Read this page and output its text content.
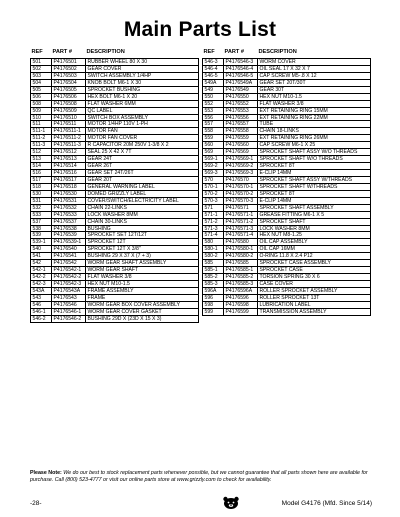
Main Parts List
REF	PART #	DESCRIPTION
501	P4176501	RUBBER WHEEL 80 X 30
502	P4176502	GEAR COVER
503	P4176503	SWITCH ASSEMBLY 1/4HP
504	P4176504	KNOB BOLT M6-1 X 30
505	P4176505	SPROCKET BUSHING
506	P4176506	HEX BOLT M6-1 X 20
508	P4176508	FLAT WASHER 6MM
509	P4176509	QC LABEL
510	P4176510	SWITCH BOX ASSEMBLY
511	P4176511	MOTOR 1/4HP 110V 1-PH
511-1	P4176511-1	MOTOR FAN
511-2	P4176511-2	MOTOR FAN COVER
511-3	P4176511-3	R CAPACITOR 20M 250V 1-3/8 X 2
512	P4176512	SEAL 25 X 42 X 7T
513	P4176513	GEAR 24T
514	P4176514	GEAR 26T
516	P4176516	GEAR SET 24T/26T
517	P4176517	GEAR 20T
518	P4176518	GENERAL WARNING LABEL
530	P4176530	DOMED GRIZZLY LABEL
531	P4176531	COVER/SWITCH/ELECTRICITY LABEL
532	P4176532	CHAIN 22-LINKS
533	P4176533	LOCK WASHER 8MM
537	P4176537	CHAIN 30-LINKS
538	P4176538	BUSHING
539	P4176539	SPROCKET SET 12T/12T
539-1	P4176539-1	SPROCKET 12T
540	P4176540	SPROCKET 12T X 3/8"
541	P4176541	BUSHING 29 X 37 X (7 + 3)
542	P4176542	WORM GEAR SHAFT ASSEMBLY
542-1	P4176542-1	WORM GEAR SHAFT
542-2	P4176542-2	FLAT WASHER 3/8
542-3	P4176542-3	HEX NUT M10-1.5
543A	P4176543A	FRAME ASSEMBLY
543	P4176543	FRAME
546	P4176546	WORM GEAR BOX COVER ASSEMBLY
546-1	P4176546-1	WORM GEAR COVER GASKET
546-2	P4176546-2	BUSHING 29D X (23D X 15 X 3)
REF	PART #	DESCRIPTION
546-3	P4176546-3	WORM COVER
546-4	P4176546-4	OIL SEAL 17 X 32 X 7
546-5	P4176546-5	CAP SCREW M5-.8 X 12
549A	P4176549A	GEAR SET 20T/30T
549	P4176549	GEAR 30T
550	P4176550	HEX NUT M10-1.5
552	P4176552	FLAT WASHER 3/8
553	P4176553	EXT RETAINING RING 15MM
556	P4176556	EXT RETAINING RING 22MM
557	P4176557	TUBE
558	P4176558	CHAIN 18-LINKS
559	P4176559	EXT RETAINING RING 26MM
560	P4176560	CAP SCREW M6-1 X 25
569	P4176569	SPROCKET SHAFT ASSY W/O THREADS
569-1	P4176569-1	SPROCKET SHAFT W/O THREADS
569-2	P4176569-2	SPROCKET 8T
569-3	P4176569-3	E-CLIP 14MM
570	P4176570	SPROCKET SHAFT ASSY W/THREADS
570-1	P4176570-1	SPROCKET SHAFT W/THREADS
570-2	P4176570-2	SPROCKET 8T
570-3	P4176570-3	E-CLIP 14MM
571	P4176571	SPROCKET SHAFT ASSEMBLY
571-1	P4176571-1	GREASE FITTING M6-1 X 5
571-2	P4176571-2	SPROCKET SHAFT
571-3	P4176571-3	LOCK WASHER 8MM
571-4	P4176571-4	HEX NUT M8-1.25
580	P4176580	OIL CAP ASSEMBLY
580-1	P4176580-1	OIL CAP 16MM
580-2	P4176580-2	O-RING 11.8 X 2.4 P12
585	P4176585	SPROCKET CASE ASSEMBLY
585-1	P4176585-1	SPROCKET CASE
585-2	P4176585-2	TORSION SPRING 30 X 6
585-3	P4176585-3	CASE COVER
596A	P4176596A	ROLLER SPROCKET ASSEMBLY
596	P4176596	ROLLER SPROCKET 13T
598	P4176598	LUBRICATION LABEL
599	P4176599	TRANSMISSION ASSEMBLY
Please Note: We do our best to stock replacement parts whenever possible, but we cannot guarantee that all parts shown here are available for purchase. Call (800) 523-4777 or visit our online parts store at www.grizzly.com to check for availability.
-28-	Model G4176 (Mfd. Since 5/14)
